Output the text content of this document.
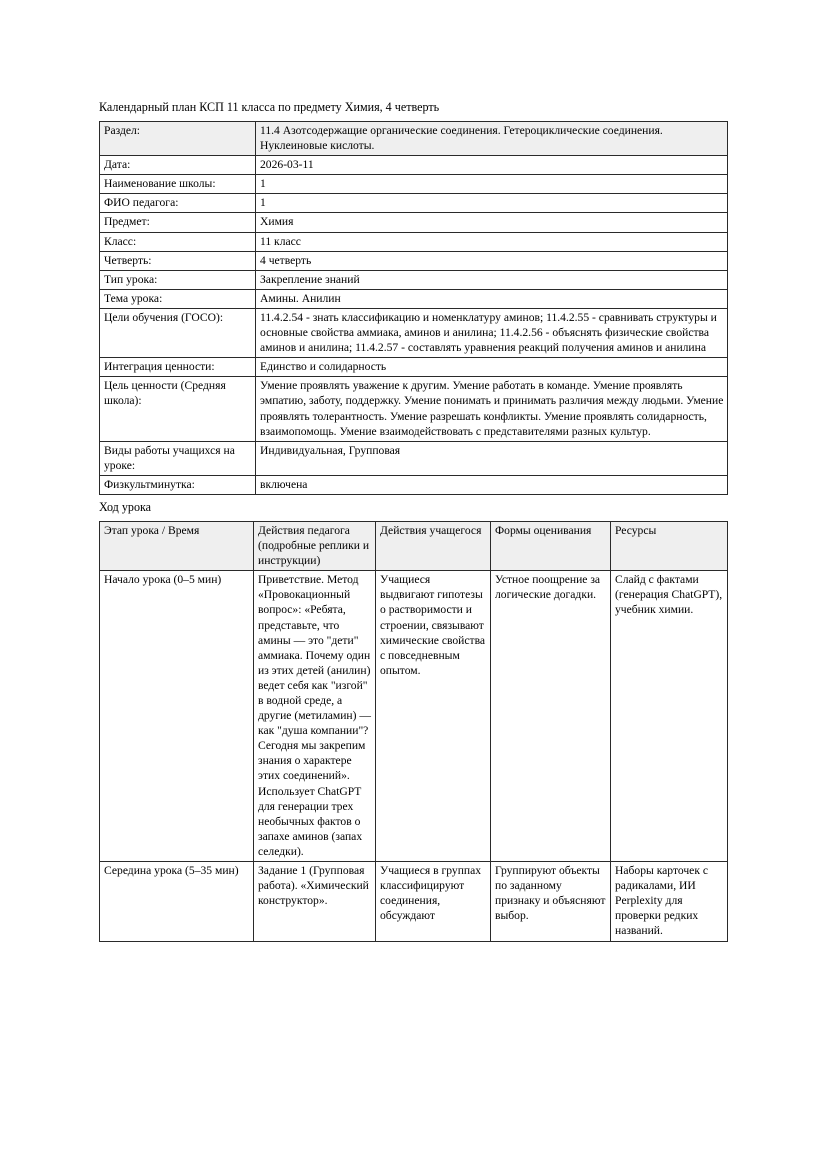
Календарный план КСП 11 класса по предмету Химия, 4 четверть

Раздел:	11.4 Азотсодержащие органические соединения. Гетероциклические соединения. Нуклеиновые кислоты.
Дата:	2026-03-11
Наименование школы:	1
ФИО педагога:	1
Предмет:	Химия
Класс:	11 класс
Четверть:	4 четверть
Тип урока:	Закрепление знаний
Тема урока:	Амины. Анилин
Цели обучения (ГОСО):	11.4.2.54 - знать классификацию и номенклатуру аминов; 11.4.2.55 - сравнивать структуры и основные свойства аммиака, аминов и анилина; 11.4.2.56 - объяснять физические свойства аминов и анилина; 11.4.2.57 - составлять уравнения реакций получения аминов и анилина
Интеграция ценности:	Единство и солидарность
Цель ценности (Средняя школа):	Умение проявлять уважение к другим. Умение работать в команде. Умение проявлять эмпатию, заботу, поддержку. Умение понимать и принимать различия между людьми. Умение проявлять толерантность. Умение разрешать конфликты. Умение проявлять солидарность, взаимопомощь. Умение взаимодействовать с представителями разных культур.
Виды работы учащихся на уроке:	Индивидуальная, Групповая
Физкультминутка:	включена

Ход урока

Этап урока / Время	Действия педагога (подробные реплики и инструкции)	Действия учащегося	Формы оценивания	Ресурсы
Начало урока (0–5 мин)	Приветствие. Метод «Провокационный вопрос»: «Ребята, представьте, что амины — это "дети" аммиака. Почему один из этих детей (анилин) ведет себя как "изгой" в водной среде, а другие (метиламин) — как "душа компании"? Сегодня мы закрепим знания о характере этих соединений». Использует ChatGPT для генерации трех необычных фактов о запахе аминов (запах селедки).	Учащиеся выдвигают гипотезы о растворимости и строении, связывают химические свойства с повседневным опытом.	Устное поощрение за логические догадки.	Слайд с фактами (генерация ChatGPT), учебник химии.
Середина урока (5–35 мин)	Задание 1 (Групповая работа). «Химический конструктор».	Учащиеся в группах классифицируют соединения, обсуждают	Группируют объекты по заданному признаку и объясняют выбор.	Наборы карточек с радикалами, ИИ Perplexity для проверки редких названий.
